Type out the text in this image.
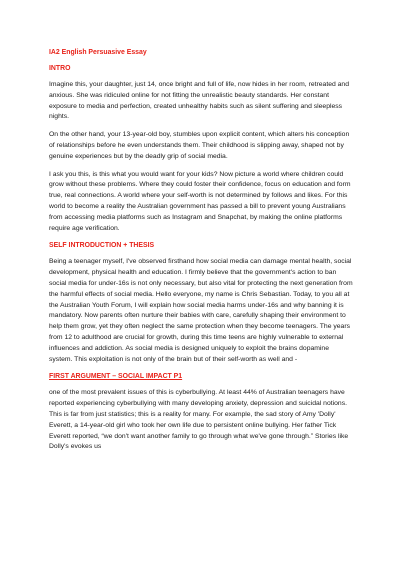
IA2 English Persuasive Essay
INTRO

Imagine this, your daughter, just 14, once bright and full of life, now hides in her room, retreated and anxious. She was ridiculed online for not fitting the unrealistic beauty standards. Her constant exposure to media and perfection, created unhealthy habits such as silent suffering and sleepless nights.

On the other hand, your 13-year-old boy, stumbles upon explicit content, which alters his conception of relationships before he even understands them. Their childhood is slipping away, shaped not by genuine experiences but by the deadly grip of social media.

I ask you this, is this what you would want for your kids? Now picture a world where children could grow without these problems. Where they could foster their confidence, focus on education and form true, real connections. A world where your self-worth is not determined by follows and likes. For this world to become a reality the Australian government has passed a bill to prevent young Australians from accessing media platforms such as Instagram and Snapchat, by making the online platforms require age verification.

SELF INTRODUCTION + THESIS

Being a teenager myself, I've observed firsthand how social media can damage mental health, social development, physical health and education. I firmly believe that the government's action to ban social media for under-16s is not only necessary, but also vital for protecting the next generation from the harmful effects of social media. Hello everyone, my name is Chris Sebastian. Today, to you all at the Australian Youth Forum, I will explain how social media harms under-16s and why banning it is mandatory. Now parents often nurture their babies with care, carefully shaping their environment to help them grow, yet they often neglect the same protection when they become teenagers. The years from 12 to adulthood are crucial for growth, during this time teens are highly vulnerable to external influences and addiction. As social media is designed uniquely to exploit the brains dopamine system. This exploitation is not only of the brain but of their self-worth as well and -

FIRST ARGUMENT – SOCIAL IMPACT P1

one of the most prevalent issues of this is cyberbullying. At least 44% of Australian teenagers have reported experiencing cyberbullying with many developing anxiety, depression and suicidal notions. This is far from just statistics; this is a reality for many. For example, the sad story of Amy 'Dolly' Everett, a 14-year-old girl who took her own life due to persistent online bullying. Her father Tick Everett reported, “we don't want another family to go through what we've gone through.” Stories like Dolly's evokes us
